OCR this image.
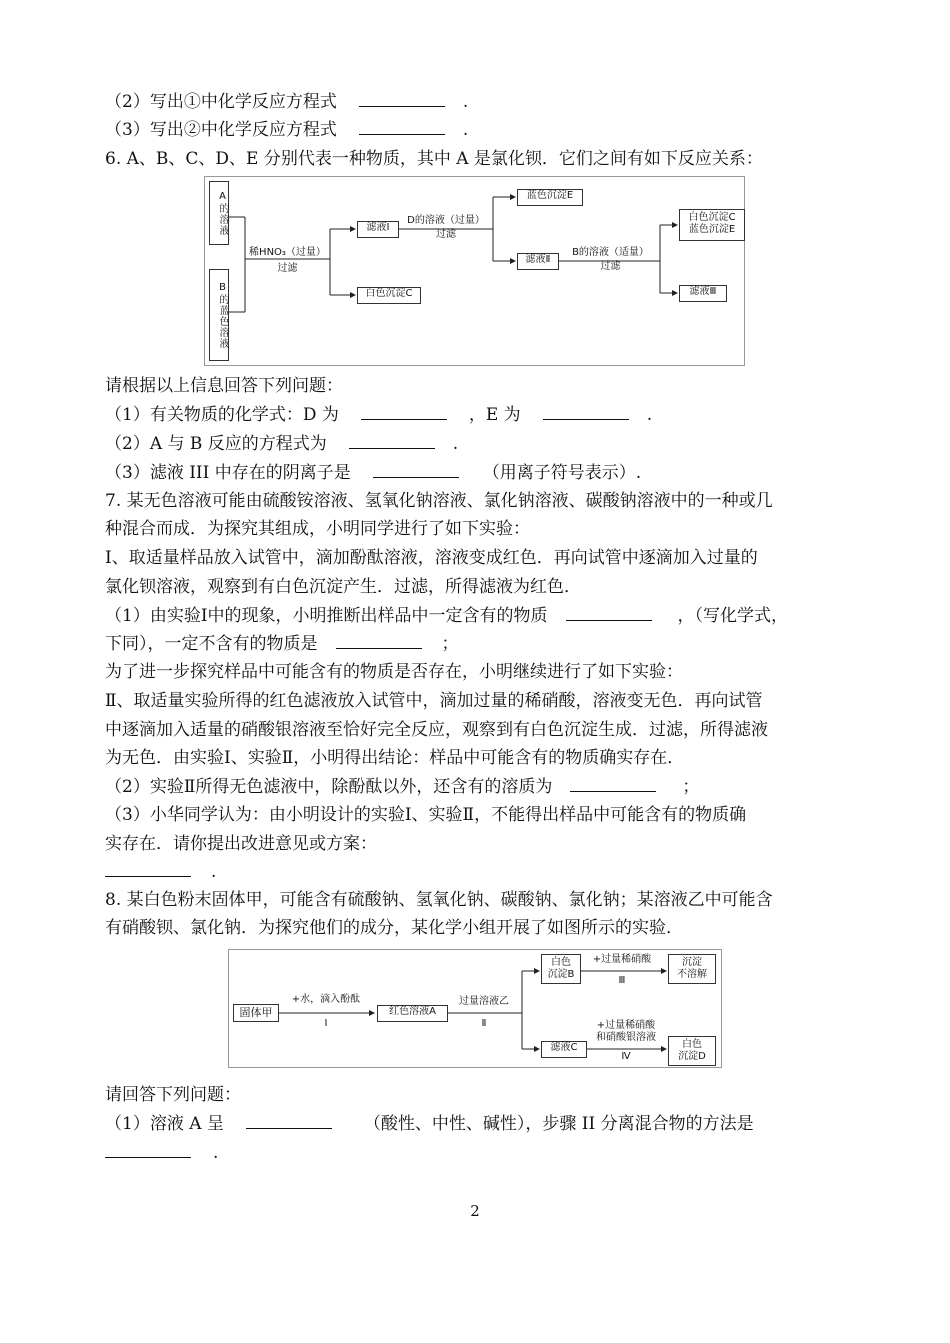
（2）写出①中化学反应方程式	.
（3）写出②中化学反应方程式	.
6. A、B、C、D、E 分别代表一种物质，其中 A 是氯化钡．它们之间有如下反应关系：
A的溶液
B的蓝色溶液
稀HNO₃（过量）
过滤
滤液Ⅰ
白色沉淀C
D的溶液（过量）
过滤
蓝色沉淀E
滤液Ⅱ
B的溶液（适量）
过滤
白色沉淀C
蓝色沉淀E
滤液Ⅲ
请根据以上信息回答下列问题：
（1）有关物质的化学式：D 为	，E 为	.
（2）A 与 B 反应的方程式为	.
（3）滤液 III 中存在的阴离子是	（用离子符号表示）.
7. 某无色溶液可能由硫酸铵溶液、氢氧化钠溶液、氯化钠溶液、碳酸钠溶液中的一种或几
种混合而成．为探究其组成，小明同学进行了如下实验：
Ⅰ、取适量样品放入试管中，滴加酚酞溶液，溶液变成红色．再向试管中逐滴加入过量的
氯化钡溶液，观察到有白色沉淀产生．过滤，所得滤液为红色．
（1）由实验Ⅰ中的现象，小明推断出样品中一定含有的物质	，（写化学式，
下同），一定不含有的物质是	；
为了进一步探究样品中可能含有的物质是否存在，小明继续进行了如下实验：
Ⅱ、取适量实验所得的红色滤液放入试管中，滴加过量的稀硝酸，溶液变无色．再向试管
中逐滴加入适量的硝酸银溶液至恰好完全反应，观察到有白色沉淀生成．过滤，所得滤液
为无色．由实验Ⅰ、实验Ⅱ，小明得出结论：样品中可能含有的物质确实存在．
（2）实验Ⅱ所得无色滤液中，除酚酞以外，还含有的溶质为	；
（3）小华同学认为：由小明设计的实验Ⅰ、实验Ⅱ，不能得出样品中可能含有的物质确
实存在．请你提出改进意见或方案：
.
8. 某白色粉末固体甲，可能含有硫酸钠、氢氧化钠、碳酸钠、氯化钠；某溶液乙中可能含
有硝酸钡、氯化钠．为探究他们的成分，某化学小组开展了如图所示的实验．
固体甲
+水，滴入酚酞
Ⅰ
红色溶液A
过量溶液乙
Ⅱ
白色
沉淀B
+过量稀硝酸
Ⅲ
沉淀
不溶解
滤液C
+过量稀硝酸
和硝酸银溶液
Ⅳ
白色
沉淀D
请回答下列问题：
（1）溶液 A 呈	（酸性、中性、碱性），步骤 II 分离混合物的方法是
.
2
